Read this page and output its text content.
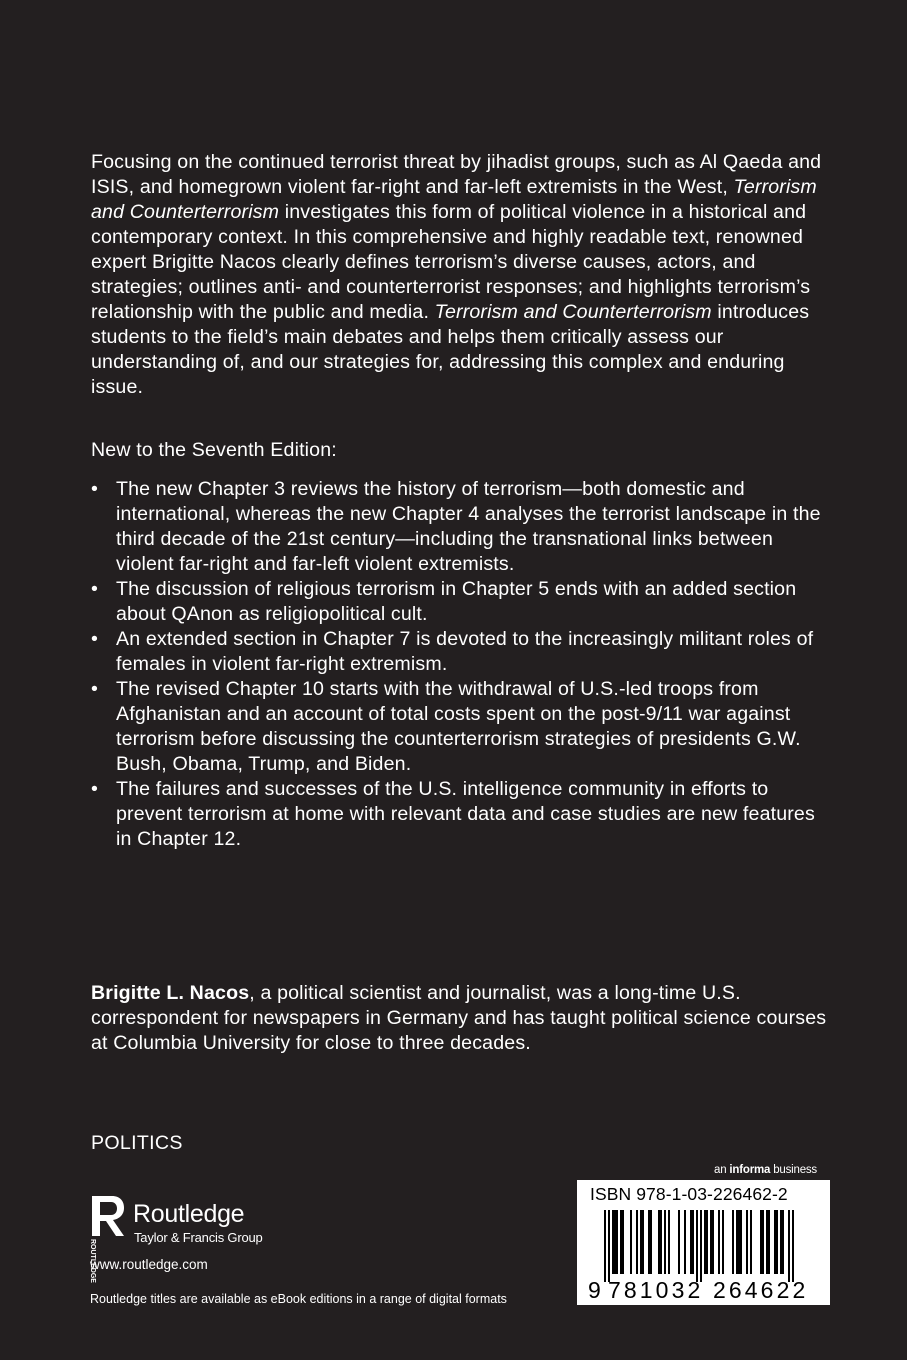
Focusing on the continued terrorist threat by jihadist groups, such as Al Qaeda and ISIS, and homegrown violent far-right and far-left extremists in the West, Terrorism and Counterterrorism investigates this form of political violence in a historical and contemporary context. In this comprehensive and highly readable text, renowned expert Brigitte Nacos clearly defines terrorism’s diverse causes, actors, and strategies; outlines anti- and counterterrorist responses; and highlights terrorism’s relationship with the public and media. Terrorism and Counterterrorism introduces students to the field’s main debates and helps them critically assess our understanding of, and our strategies for, addressing this complex and enduring issue.

New to the Seventh Edition:
• The new Chapter 3 reviews the history of terrorism—both domestic and international, whereas the new Chapter 4 analyses the terrorist landscape in the third decade of the 21st century—including the transnational links between violent far-right and far-left violent extremists.
• The discussion of religious terrorism in Chapter 5 ends with an added section about QAnon as religiopolitical cult.
• An extended section in Chapter 7 is devoted to the increasingly militant roles of females in violent far-right extremism.
• The revised Chapter 10 starts with the withdrawal of U.S.-led troops from Afghanistan and an account of total costs spent on the post-9/11 war against terrorism before discussing the counterterrorism strategies of presidents G.W. Bush, Obama, Trump, and Biden.
• The failures and successes of the U.S. intelligence community in efforts to prevent terrorism at home with relevant data and case studies are new features in Chapter 12.
Brigitte L. Nacos, a political scientist and journalist, was a long-time U.S. correspondent for newspapers in Germany and has taught political science courses at Columbia University for close to three decades.
POLITICS
ROUTLEDGE
Routledge
Taylor & Francis Group
www.routledge.com
Routledge titles are available as eBook editions in a range of digital formats
an informa business
ISBN 978-1-03-226462-2
9 781032 264622
